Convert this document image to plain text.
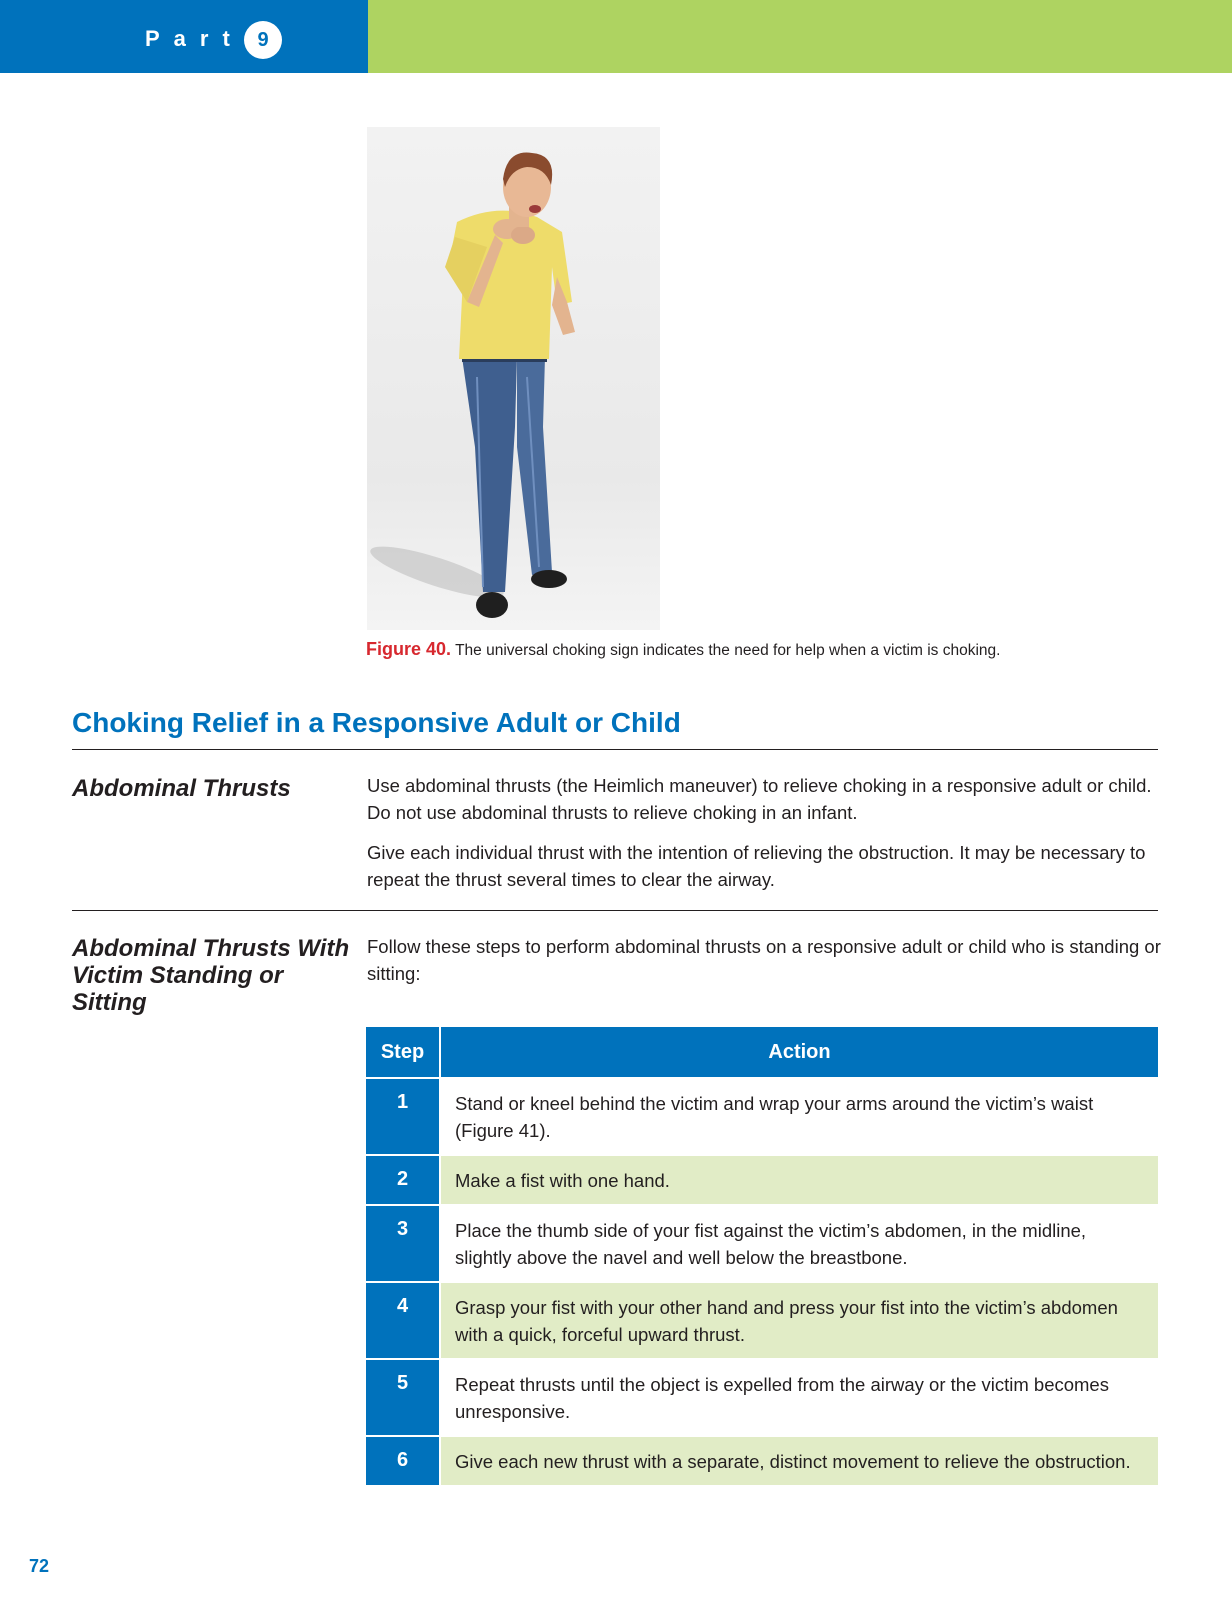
Part 9
Figure 40. The universal choking sign indicates the need for help when a victim is choking.
Choking Relief in a Responsive Adult or Child
Abdominal Thrusts	Use abdominal thrusts (the Heimlich maneuver) to relieve choking in a responsive adult or child. Do not use abdominal thrusts to relieve choking in an infant.

Give each individual thrust with the intention of relieving the obstruction. It may be necessary to repeat the thrust several times to clear the airway.

Abdominal Thrusts With Victim Standing or Sitting

Follow these steps to perform abdominal thrusts on a responsive adult or child who is standing or sitting:

Step	Action
1	Stand or kneel behind the victim and wrap your arms around the victim’s waist (Figure 41).
2	Make a fist with one hand.
3	Place the thumb side of your fist against the victim’s abdomen, in the midline, slightly above the navel and well below the breastbone.
4	Grasp your fist with your other hand and press your fist into the victim’s abdomen with a quick, forceful upward thrust.
5	Repeat thrusts until the object is expelled from the airway or the victim becomes unresponsive.
6	Give each new thrust with a separate, distinct movement to relieve the obstruction.
72
